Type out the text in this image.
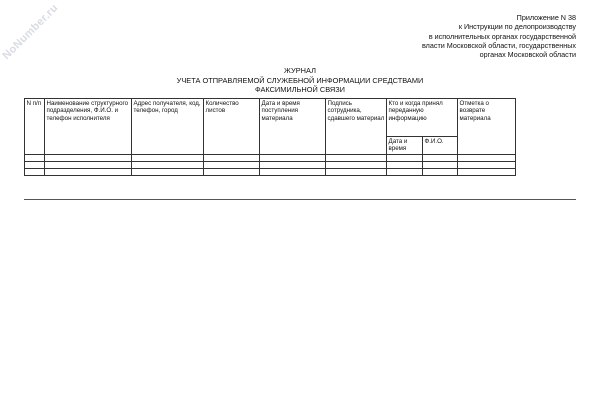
NoNumber.ru	Приложение N 38
к Инструкции по делопроизводству
в исполнительных органах государственной
власти Московской области, государственных
органах Московской области
ЖУРНАЛ
УЧЕТА ОТПРАВЛЯЕМОЙ СЛУЖЕБНОЙ ИНФОРМАЦИИ СРЕДСТВАМИ
ФАКСИМИЛЬНОЙ СВЯЗИ
N п/п	Наименование структурного подразделения, Ф.И.О. и телефон исполнителя	Адрес получателя, код, телефон, город	Количество листов	Дата и время поступления материала	Подпись сотрудника, сдавшего материал	Кто и когда принял переданную информацию		Отметка о возврате материала
						Дата и время	Ф.И.О.	
